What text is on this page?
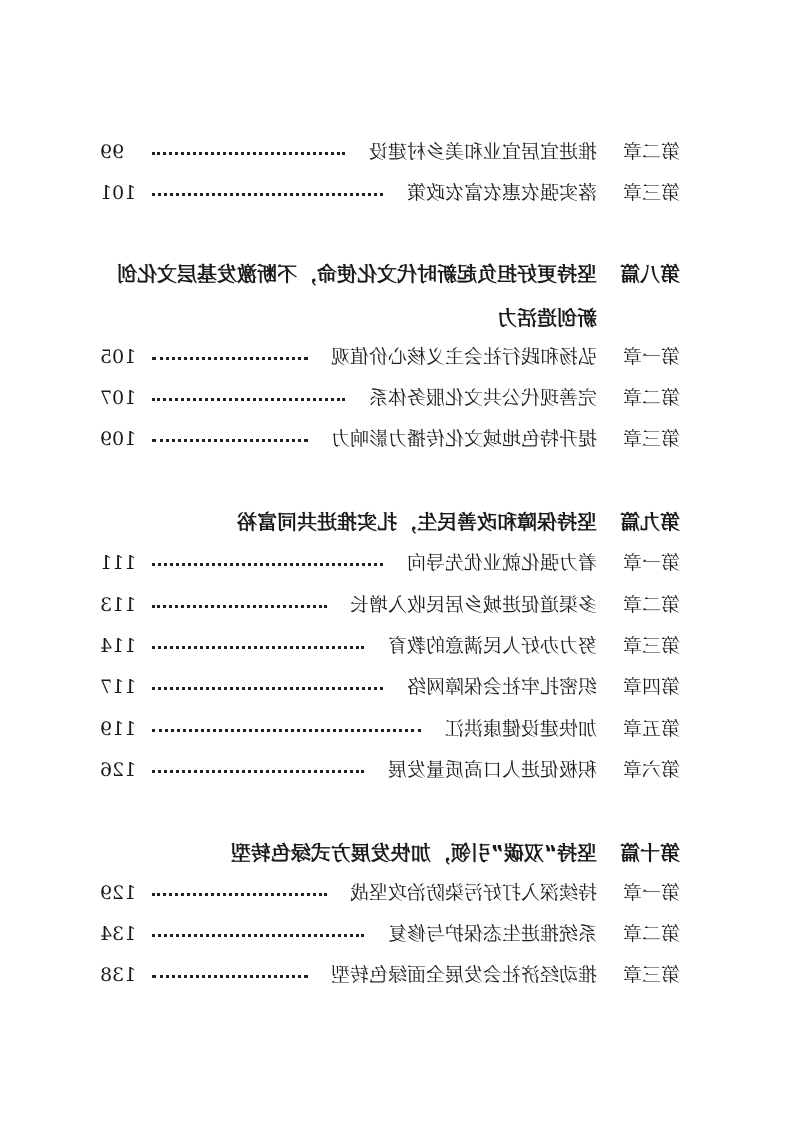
第二章
推进宜居宜业和美乡村建设
99
第三章
落实强农惠农富农政策
101
第八篇
坚持更好担负起新时代文化使命，不断激发基层文化创
新创造活力
第一章
弘扬和践行社会主义核心价值观
105
第二章
完善现代公共文化服务体系
107
第三章
提升特色地域文化传播力影响力
109
第九篇
坚持保障和改善民生，扎实推进共同富裕
第一章
着力强化就业优先导向
111
第二章
多渠道促进城乡居民收入增长
113
第三章
努力办好人民满意的教育
114
第四章
织密扎牢社会保障网络
117
第五章
加快建设健康洪江
119
第六章
积极促进人口高质量发展
126
第十篇
坚持“双碳”引领，加快发展方式绿色转型
第一章
持续深入打好污染防治攻坚战
129
第二章
系统推进生态保护与修复
134
第三章
推动经济社会发展全面绿色转型
138
